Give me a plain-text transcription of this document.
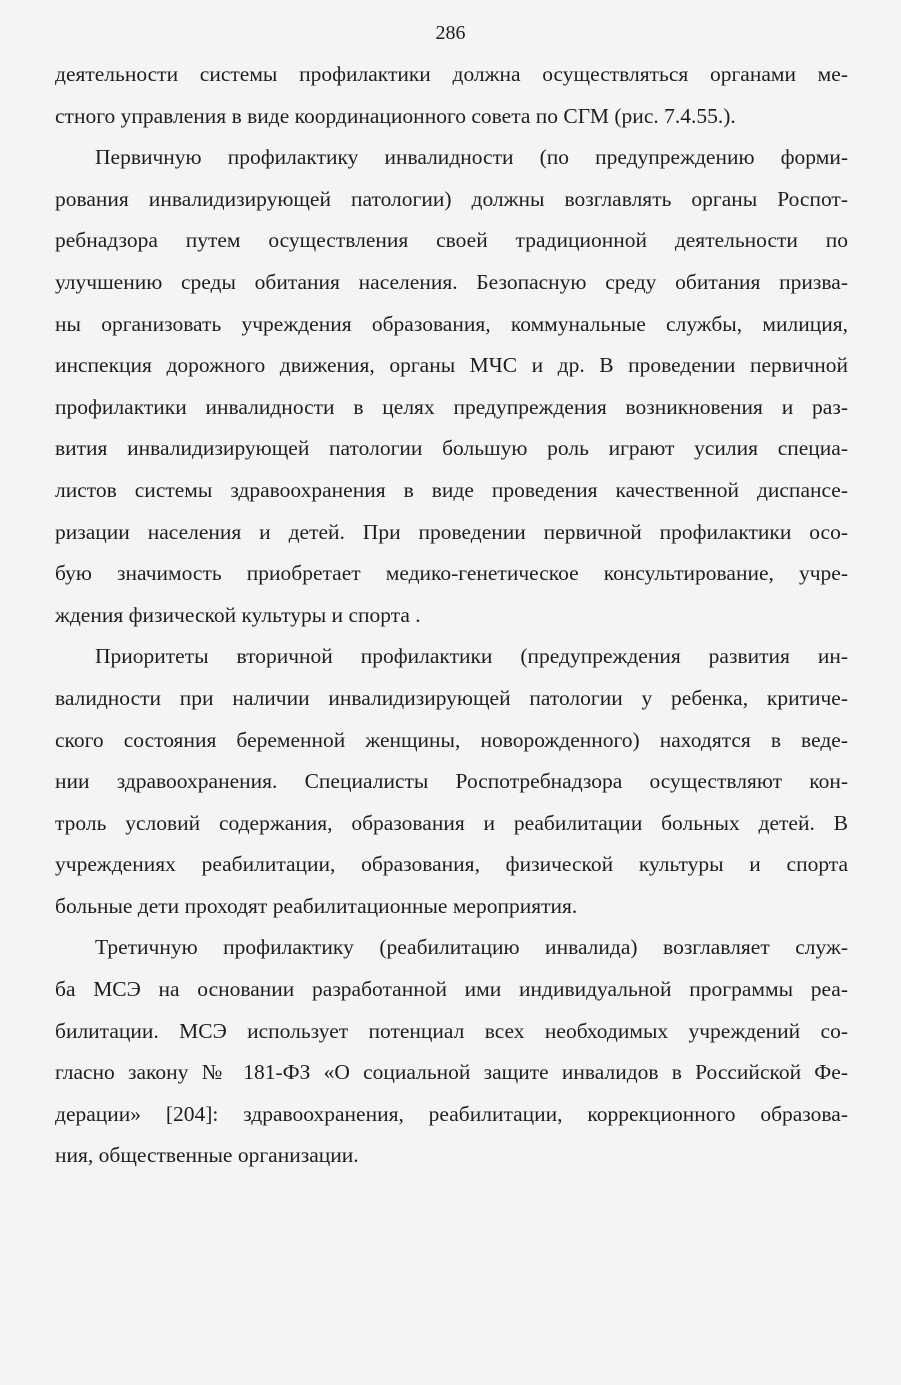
286
деятельности системы профилактики должна осуществляться органами ме-
стного управления в виде координационного совета по СГМ (рис. 7.4.55.).
Первичную профилактику инвалидности (по предупреждению форми-
рования инвалидизирующей патологии) должны возглавлять органы Роспот-
ребнадзора путем осуществления своей традиционной деятельности по
улучшению среды обитания населения. Безопасную среду обитания призва-
ны организовать учреждения образования, коммунальные службы, милиция,
инспекция дорожного движения, органы МЧС и др. В проведении первичной
профилактики инвалидности в целях предупреждения возникновения и раз-
вития инвалидизирующей патологии большую роль играют усилия специа-
листов системы здравоохранения в виде проведения качественной диспансе-
ризации населения и детей. При проведении первичной профилактики осо-
бую значимость приобретает медико-генетическое консультирование, учре-
ждения физической культуры и спорта .
Приоритеты вторичной профилактики (предупреждения развития ин-
валидности при наличии инвалидизирующей патологии у ребенка, критиче-
ского состояния беременной женщины, новорожденного) находятся в веде-
нии здравоохранения. Специалисты Роспотребнадзора осуществляют кон-
троль условий содержания, образования и реабилитации больных детей. В
учреждениях реабилитации, образования, физической культуры и спорта
больные дети проходят реабилитационные мероприятия.
Третичную профилактику (реабилитацию инвалида) возглавляет служ-
ба МСЭ на основании разработанной ими индивидуальной программы реа-
билитации. МСЭ использует потенциал всех необходимых учреждений со-
гласно закону № 181-ФЗ «О социальной защите инвалидов в Российской Фе-
дерации» [204]: здравоохранения, реабилитации, коррекционного образова-
ния, общественные организации.
